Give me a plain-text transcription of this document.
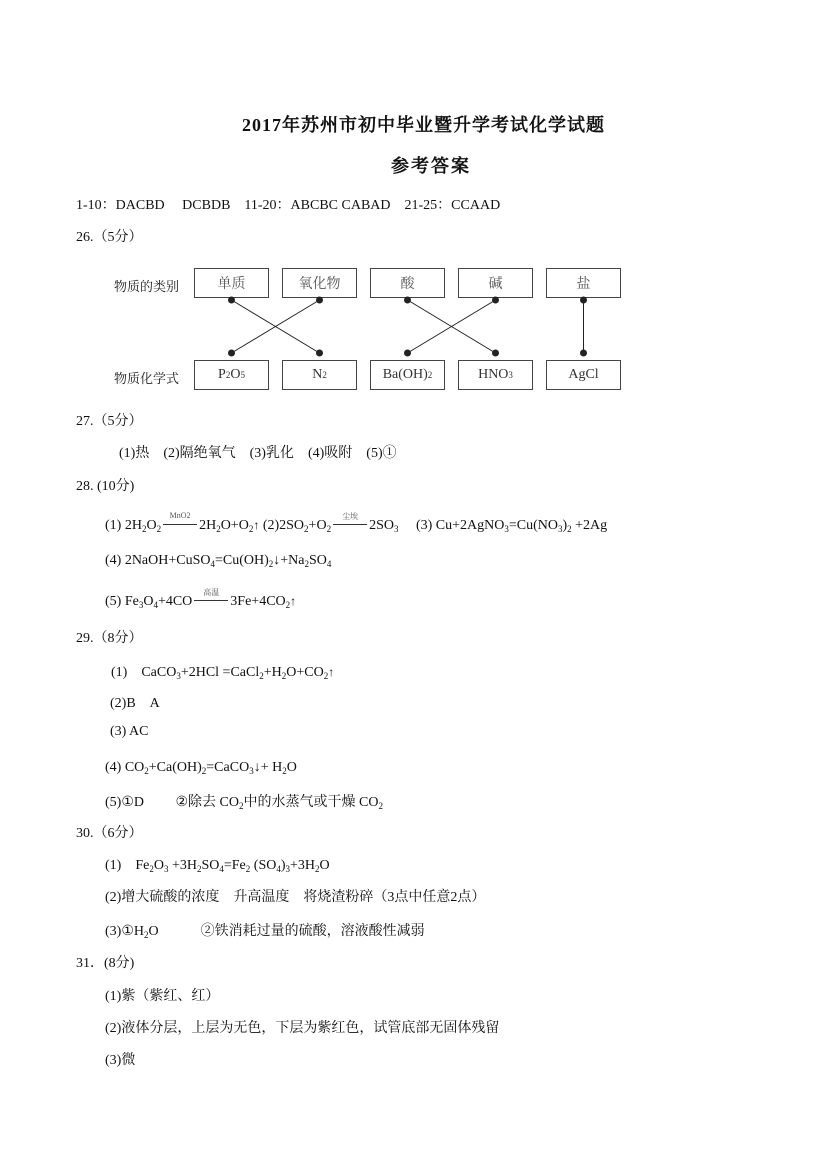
2017年苏州市初中毕业暨升学考试化学试题
参考答案
1-10：DACBD　 DCBDB　11-20：ABCBC CABAD　21-25：CCAAD
26.（5分）
物质的类别
物质化学式
单质	氧化物	酸	碱	盐
P 2 O 5	N 2	Ba(OH) 2	HNO 3	AgCl
27.（5分）
(1)热　(2)隔绝氧气　(3)乳化　(4)吸附　(5)①
28. (10分)
(1) $2H_2O_2$
MnO2
$2H_2O+O_2↑$ $(2)2SO_2+O_2$
尘埃
$2SO_3$   (3) $Cu+2AgNO_3=Cu(NO_3)_2 +2Ag$
(4) $2NaOH+CuSO_4=Cu(OH)_2↓+Na_2SO_4$
(5) $Fe_3O_4+4CO$
高温
$3Fe+4CO_2↑$
29.（8分）
(1)　CaCO$_3$+2HCl $=CaCl_2+H_2O+CO_2↑$
(2)B　A
(3) AC
(4) $CO_2+Ca(OH)_2=CaCO_3↓+ H_2O$
(5)①D　　 ②除去 $CO_2$中的水蒸气或干燥 $CO_2$
30.（6分）
(1)　$Fe_2O_3 +3H_2SO_4=Fe_2$ $(SO_4)_3+3H_2O$
(2)增大硫酸的浓度　升高温度　将烧渣粉碎（3点中任意2点）
$(3)①H_2O$　　　②铁消耗过量的硫酸，溶液酸性减弱
31．(8分)
(1)紫（紫红、红）
(2)液体分层，上层为无色，下层为紫红色，试管底部无固体残留
(3)微
